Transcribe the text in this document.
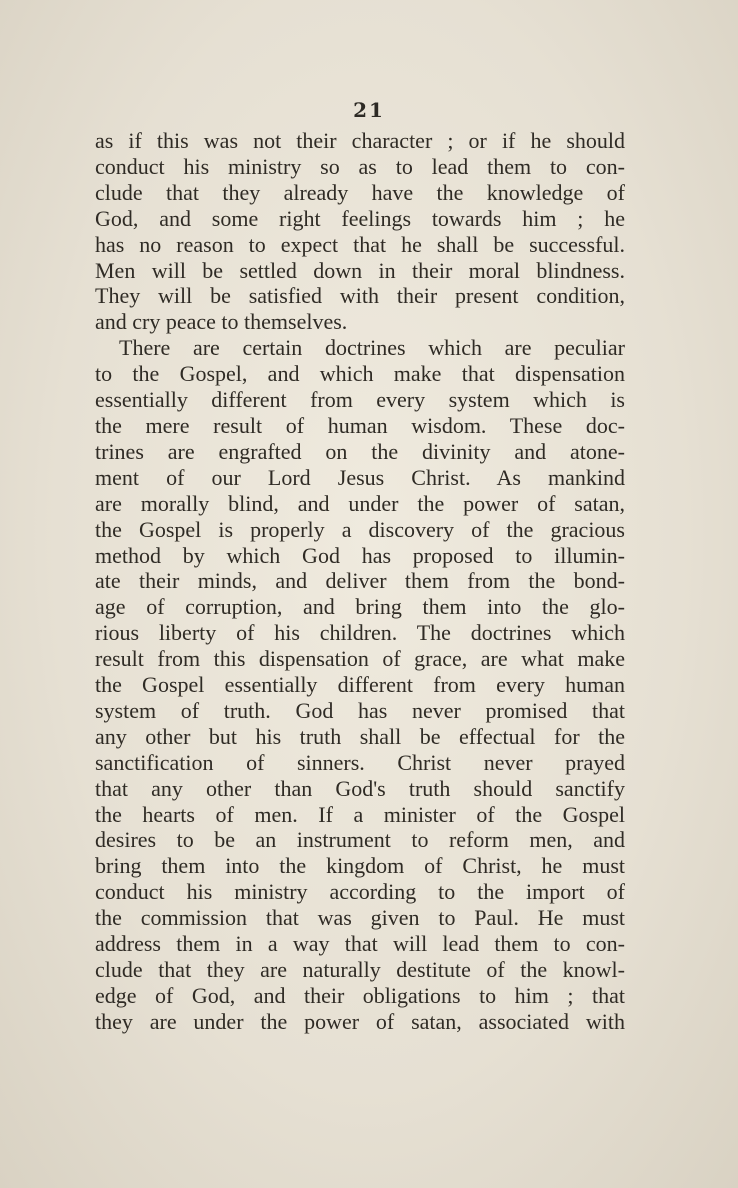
21
as if this was not their character ; or if he should
conduct his ministry so as to lead them to con-
clude that they already have the knowledge of
God, and some right feelings towards him ; he
has no reason to expect that he shall be successful.
Men will be settled down in their moral blindness.
They will be satisfied with their present condition,
and cry peace to themselves.
There are certain doctrines which are peculiar
to the Gospel, and which make that dispensation
essentially different from every system which is
the mere result of human wisdom. These doc-
trines are engrafted on the divinity and atone-
ment of our Lord Jesus Christ. As mankind
are morally blind, and under the power of satan,
the Gospel is properly a discovery of the gracious
method by which God has proposed to illumin-
ate their minds, and deliver them from the bond-
age of corruption, and bring them into the glo-
rious liberty of his children. The doctrines which
result from this dispensation of grace, are what make
the Gospel essentially different from every human
system of truth. God has never promised that
any other but his truth shall be effectual for the
sanctification of sinners. Christ never prayed
that any other than God's truth should sanctify
the hearts of men. If a minister of the Gospel
desires to be an instrument to reform men, and
bring them into the kingdom of Christ, he must
conduct his ministry according to the import of
the commission that was given to Paul. He must
address them in a way that will lead them to con-
clude that they are naturally destitute of the knowl-
edge of God, and their obligations to him ; that
they are under the power of satan, associated with
